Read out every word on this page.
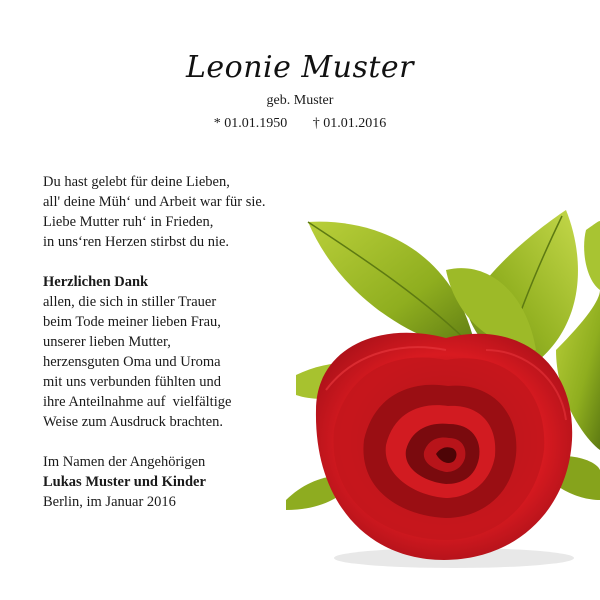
Leonie Muster
geb. Muster
* 01.01.1950 † 01.01.2016

Du hast gelebt für deine Lieben,

all' deine Müh‘ und Arbeit war für sie.

Liebe Mutter ruh‘ in Frieden,

in uns‘ren Herzen stirbst du nie.

Herzlichen Dank

allen, die sich in stiller Trauer

beim Tode meiner lieben Frau,

unserer lieben Mutter,

herzensguten Oma und Uroma

mit uns verbunden fühlten und

ihre Anteilnahme auf  vielfältige

Weise zum Ausdruck brachten.

Im Namen der Angehörigen

Lukas Muster und Kinder

Berlin, im Januar 2016
